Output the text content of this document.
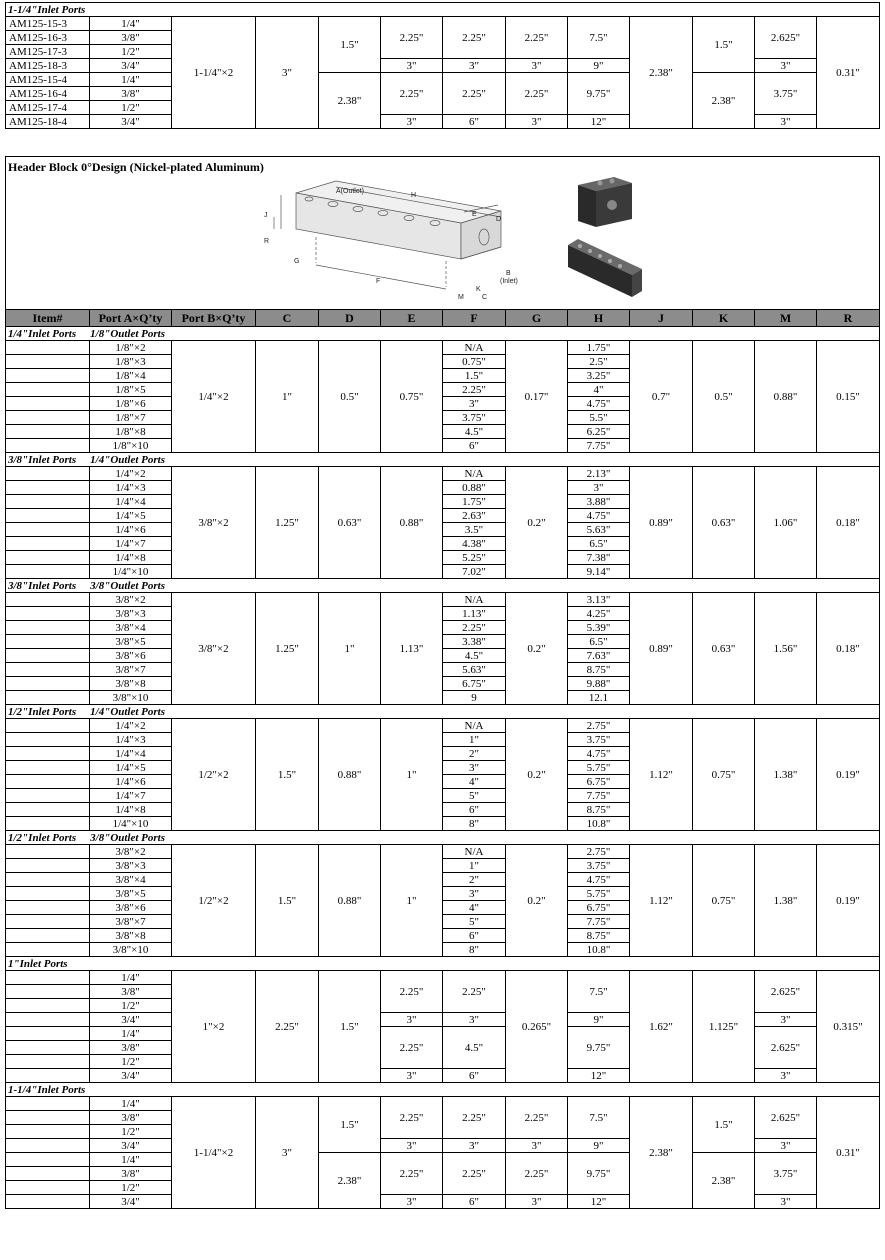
1-1/4"Inlet Ports												
AM125-15-3	1/4"	1-1/4"×2	3"	1.5"	2.25"	2.25"	2.25"	7.5"	2.38"	1.5"	2.625"	0.31"
AM125-16-3	3/8"											
AM125-17-3	1/2"											
AM125-18-3	3/4"				3"	3"	3"	9"			3"	
AM125-15-4	1/4"			2.38"	2.25"	2.25"	2.25"	9.75"		2.38"	3.75"	
AM125-16-4	3/8"											
AM125-17-4	1/2"											
AM125-18-4	3/4"				3"	6"	3"	12"			3"	
Header Block 0°Design (Nickel-plated Aluminum)
A(Outlet)
H
E
D
J
R
G
F
B
(Inlet)
K
M	C
Item#	Port A×Q’ty	Port B×Q’ty	C	D	E	F	G	H	J	K	M	R
1/4"Inlet Ports 1/8"Outlet Ports												
	1/8"×2	1/4"×2	1"	0.5"	0.75"	N/A	0.17"	1.75"	0.7"	0.5"	0.88"	0.15"
	1/8"×3					0.75"		2.5"				
	1/8"×4					1.5"		3.25"				
	1/8"×5					2.25"		4"				
	1/8"×6					3"		4.75"				
	1/8"×7					3.75"		5.5"				
	1/8"×8					4.5"		6.25"				
	1/8"×10					6"		7.75"				
3/8"Inlet Ports 1/4"Outlet Ports												
	1/4"×2	3/8"×2	1.25"	0.63"	0.88"	N/A	0.2"	2.13"	0.89"	0.63"	1.06"	0.18"
	1/4"×3					0.88"		3"				
	1/4"×4					1.75"		3.88"				
	1/4"×5					2.63"		4.75"				
	1/4"×6					3.5"		5.63"				
	1/4"×7					4.38"		6.5"				
	1/4"×8					5.25"		7.38"				
	1/4"×10					7.02"		9.14"				
3/8"Inlet Ports 3/8"Outlet Ports												
	3/8"×2	3/8"×2	1.25"	1"	1.13"	N/A	0.2"	3.13"	0.89"	0.63"	1.56"	0.18"
	3/8"×3					1.13"		4.25"				
	3/8"×4					2.25"		5.39"				
	3/8"×5					3.38"		6.5"				
	3/8"×6					4.5"		7.63"				
	3/8"×7					5.63"		8.75"				
	3/8"×8					6.75"		9.88"				
	3/8"×10					9		12.1				
1/2"Inlet Ports 1/4"Outlet Ports												
	1/4"×2	1/2"×2	1.5"	0.88"	1"	N/A	0.2"	2.75"	1.12"	0.75"	1.38"	0.19"
	1/4"×3					1"		3.75"				
	1/4"×4					2"		4.75"				
	1/4"×5					3"		5.75"				
	1/4"×6					4"		6.75"				
	1/4"×7					5"		7.75"				
	1/4"×8					6"		8.75"				
	1/4"×10					8"		10.8"				
1/2"Inlet Ports 3/8"Outlet Ports												
	3/8"×2	1/2"×2	1.5"	0.88"	1"	N/A	0.2"	2.75"	1.12"	0.75"	1.38"	0.19"
	3/8"×3					1"		3.75"				
	3/8"×4					2"		4.75"				
	3/8"×5					3"		5.75"				
	3/8"×6					4"		6.75"				
	3/8"×7					5"		7.75"				
	3/8"×8					6"		8.75"				
	3/8"×10					8"		10.8"				
1"Inlet Ports												
	1/4"	1"×2	2.25"	1.5"	2.25"	2.25"	0.265"	7.5"	1.62"	1.125"	2.625"	0.315"
	3/8"											
	1/2"											
	3/4"				3"	3"		9"			3"	
	1/4"				2.25"	4.5"		9.75"			2.625"	
	3/8"											
	1/2"											
	3/4"				3"	6"		12"			3"	
1-1/4"Inlet Ports												
	1/4"	1-1/4"×2	3"	1.5"	2.25"	2.25"	2.25"	7.5"	2.38"	1.5"	2.625"	0.31"
	3/8"											
	1/2"											
	3/4"				3"	3"	3"	9"			3"	
	1/4"			2.38"	2.25"	2.25"	2.25"	9.75"		2.38"	3.75"	
	3/8"											
	1/2"											
	3/4"				3"	6"	3"	12"			3"	
